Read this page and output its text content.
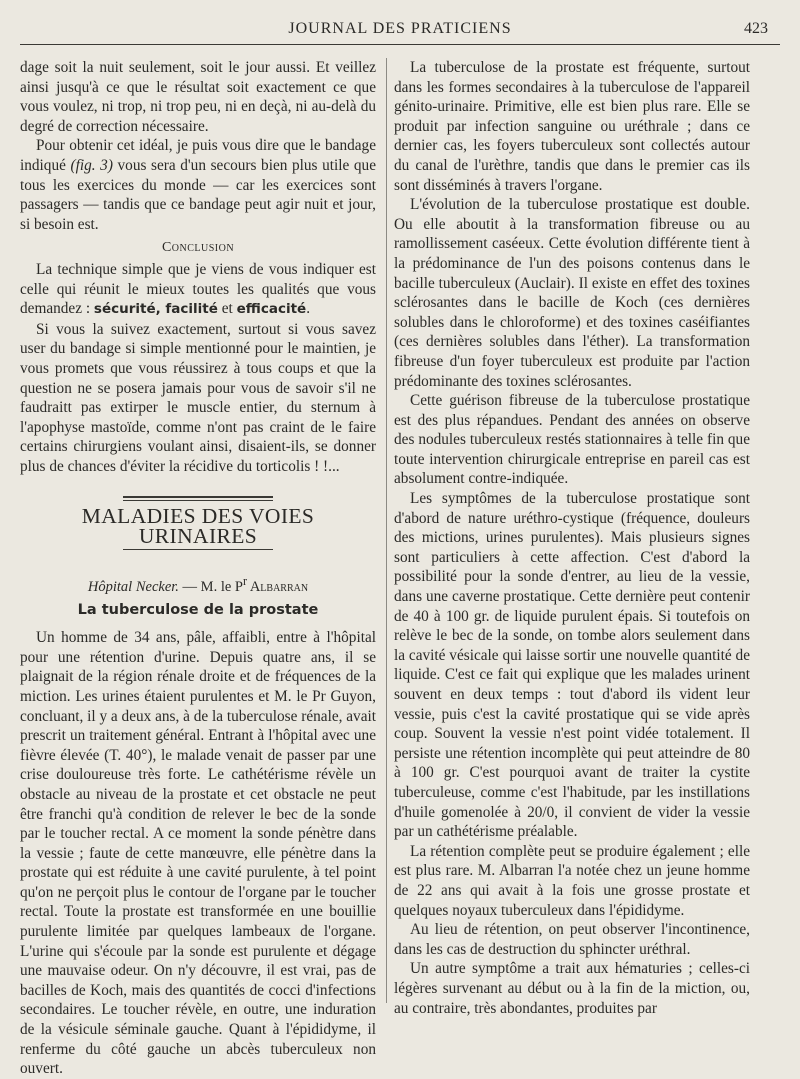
JOURNAL DES PRATICIENS	423

dage soit la nuit seulement, soit le jour aussi. Et veillez ainsi jusqu'à ce que le résultat soit exactement ce que vous voulez, ni trop, ni trop peu, ni en deçà, ni au-delà du degré de correction nécessaire.

Pour obtenir cet idéal, je puis vous dire que le bandage indiqué (fig. 3) vous sera d'un secours bien plus utile que tous les exercices du monde — car les exercices sont passagers — tandis que ce bandage peut agir nuit et jour, si besoin est.

Conclusion

La technique simple que je viens de vous indiquer est celle qui réunit le mieux toutes les qualités que vous demandez : sécurité, facilité et efficacité.

Si vous la suivez exactement, surtout si vous savez user du bandage si simple mentionné pour le maintien, je vous promets que vous réussirez à tous coups et que la question ne se posera jamais pour vous de savoir s'il ne faudraitt pas extirper le muscle entier, du sternum à l'apophyse mastoïde, comme n'ont pas craint de le faire certains chirurgiens voulant ainsi, disaient-ils, se donner plus de chances d'éviter la récidive du torticolis ! !...

MALADIES DES VOIES URINAIRES
Hôpital Necker. — M. le $P^r$ Albarran
La tuberculose de la prostate

Un homme de 34 ans, pâle, affaibli, entre à l'hôpital pour une rétention d'urine. Depuis quatre ans, il se plaignait de la région rénale droite et de fréquences de la miction. Les urines étaient purulentes et M. le Pr Guyon, concluant, il y a deux ans, à de la tuberculose rénale, avait prescrit un traitement général. Entrant à l'hôpital avec une fièvre élevée (T. 40°), le malade venait de passer par une crise douloureuse très forte. Le cathétérisme révèle un obstacle au niveau de la prostate et cet obstacle ne peut être franchi qu'à condition de relever le bec de la sonde par le toucher rectal. A ce moment la sonde pénètre dans la vessie ; faute de cette manœuvre, elle pénètre dans la prostate qui est réduite à une cavité purulente, à tel point qu'on ne perçoit plus le contour de l'organe par le toucher rectal. Toute la prostate est transformée en une bouillie purulente limitée par quelques lambeaux de l'organe. L'urine qui s'écoule par la sonde est purulente et dégage une mauvaise odeur. On n'y découvre, il est vrai, pas de bacilles de Koch, mais des quantités de cocci d'infections secondaires. Le toucher révèle, en outre, une induration de la vésicule séminale gauche. Quant à l'épididyme, il renferme du côté gauche un abcès tuberculeux non ouvert.

La tuberculose de la prostate est fréquente, surtout dans les formes secondaires à la tuberculose de l'appareil génito-urinaire. Primitive, elle est bien plus rare. Elle se produit par infection sanguine ou uréthrale ; dans ce dernier cas, les foyers tuberculeux sont collectés autour du canal de l'urèthre, tandis que dans le premier cas ils sont disséminés à travers l'organe.

L'évolution de la tuberculose prostatique est double. Ou elle aboutit à la transformation fibreuse ou au ramollissement caséeux. Cette évolution différente tient à la prédominance de l'un des poisons contenus dans le bacille tuberculeux (Auclair). Il existe en effet des toxines sclérosantes dans le bacille de Koch (ces dernières solubles dans le chloroforme) et des toxines caséifiantes (ces dernières solubles dans l'éther). La transformation fibreuse d'un foyer tuberculeux est produite par l'action prédominante des toxines sclérosantes.

Cette guérison fibreuse de la tuberculose prostatique est des plus répandues. Pendant des années on observe des nodules tuberculeux restés stationnaires à telle fin que toute intervention chirurgicale entreprise en pareil cas est absolument contre-indiquée.

Les symptômes de la tuberculose prostatique sont d'abord de nature uréthro-cystique (fréquence, douleurs des mictions, urines purulentes). Mais plusieurs signes sont particuliers à cette affection. C'est d'abord la possibilité pour la sonde d'entrer, au lieu de la vessie, dans une caverne prostatique. Cette dernière peut contenir de 40 à 100 gr. de liquide purulent épais. Si toutefois on relève le bec de la sonde, on tombe alors seulement dans la cavité vésicale qui laisse sortir une nouvelle quantité de liquide. C'est ce fait qui explique que les malades urinent souvent en deux temps : tout d'abord ils vident leur vessie, puis c'est la cavité prostatique qui se vide après coup. Souvent la vessie n'est point vidée totalement. Il persiste une rétention incomplète qui peut atteindre de 80 à 100 gr. C'est pourquoi avant de traiter la cystite tuberculeuse, comme c'est l'habitude, par les instillations d'huile gomenolée à 20/0, il convient de vider la vessie par un cathétérisme préalable.

La rétention complète peut se produire également ; elle est plus rare. M. Albarran l'a notée chez un jeune homme de 22 ans qui avait à la fois une grosse prostate et quelques noyaux tuberculeux dans l'épididyme.

Au lieu de rétention, on peut observer l'incontinence, dans les cas de destruction du sphincter uréthral.

Un autre symptôme a trait aux hématuries ; celles-ci légères survenant au début ou à la fin de la miction, ou, au contraire, très abondantes, produites par
